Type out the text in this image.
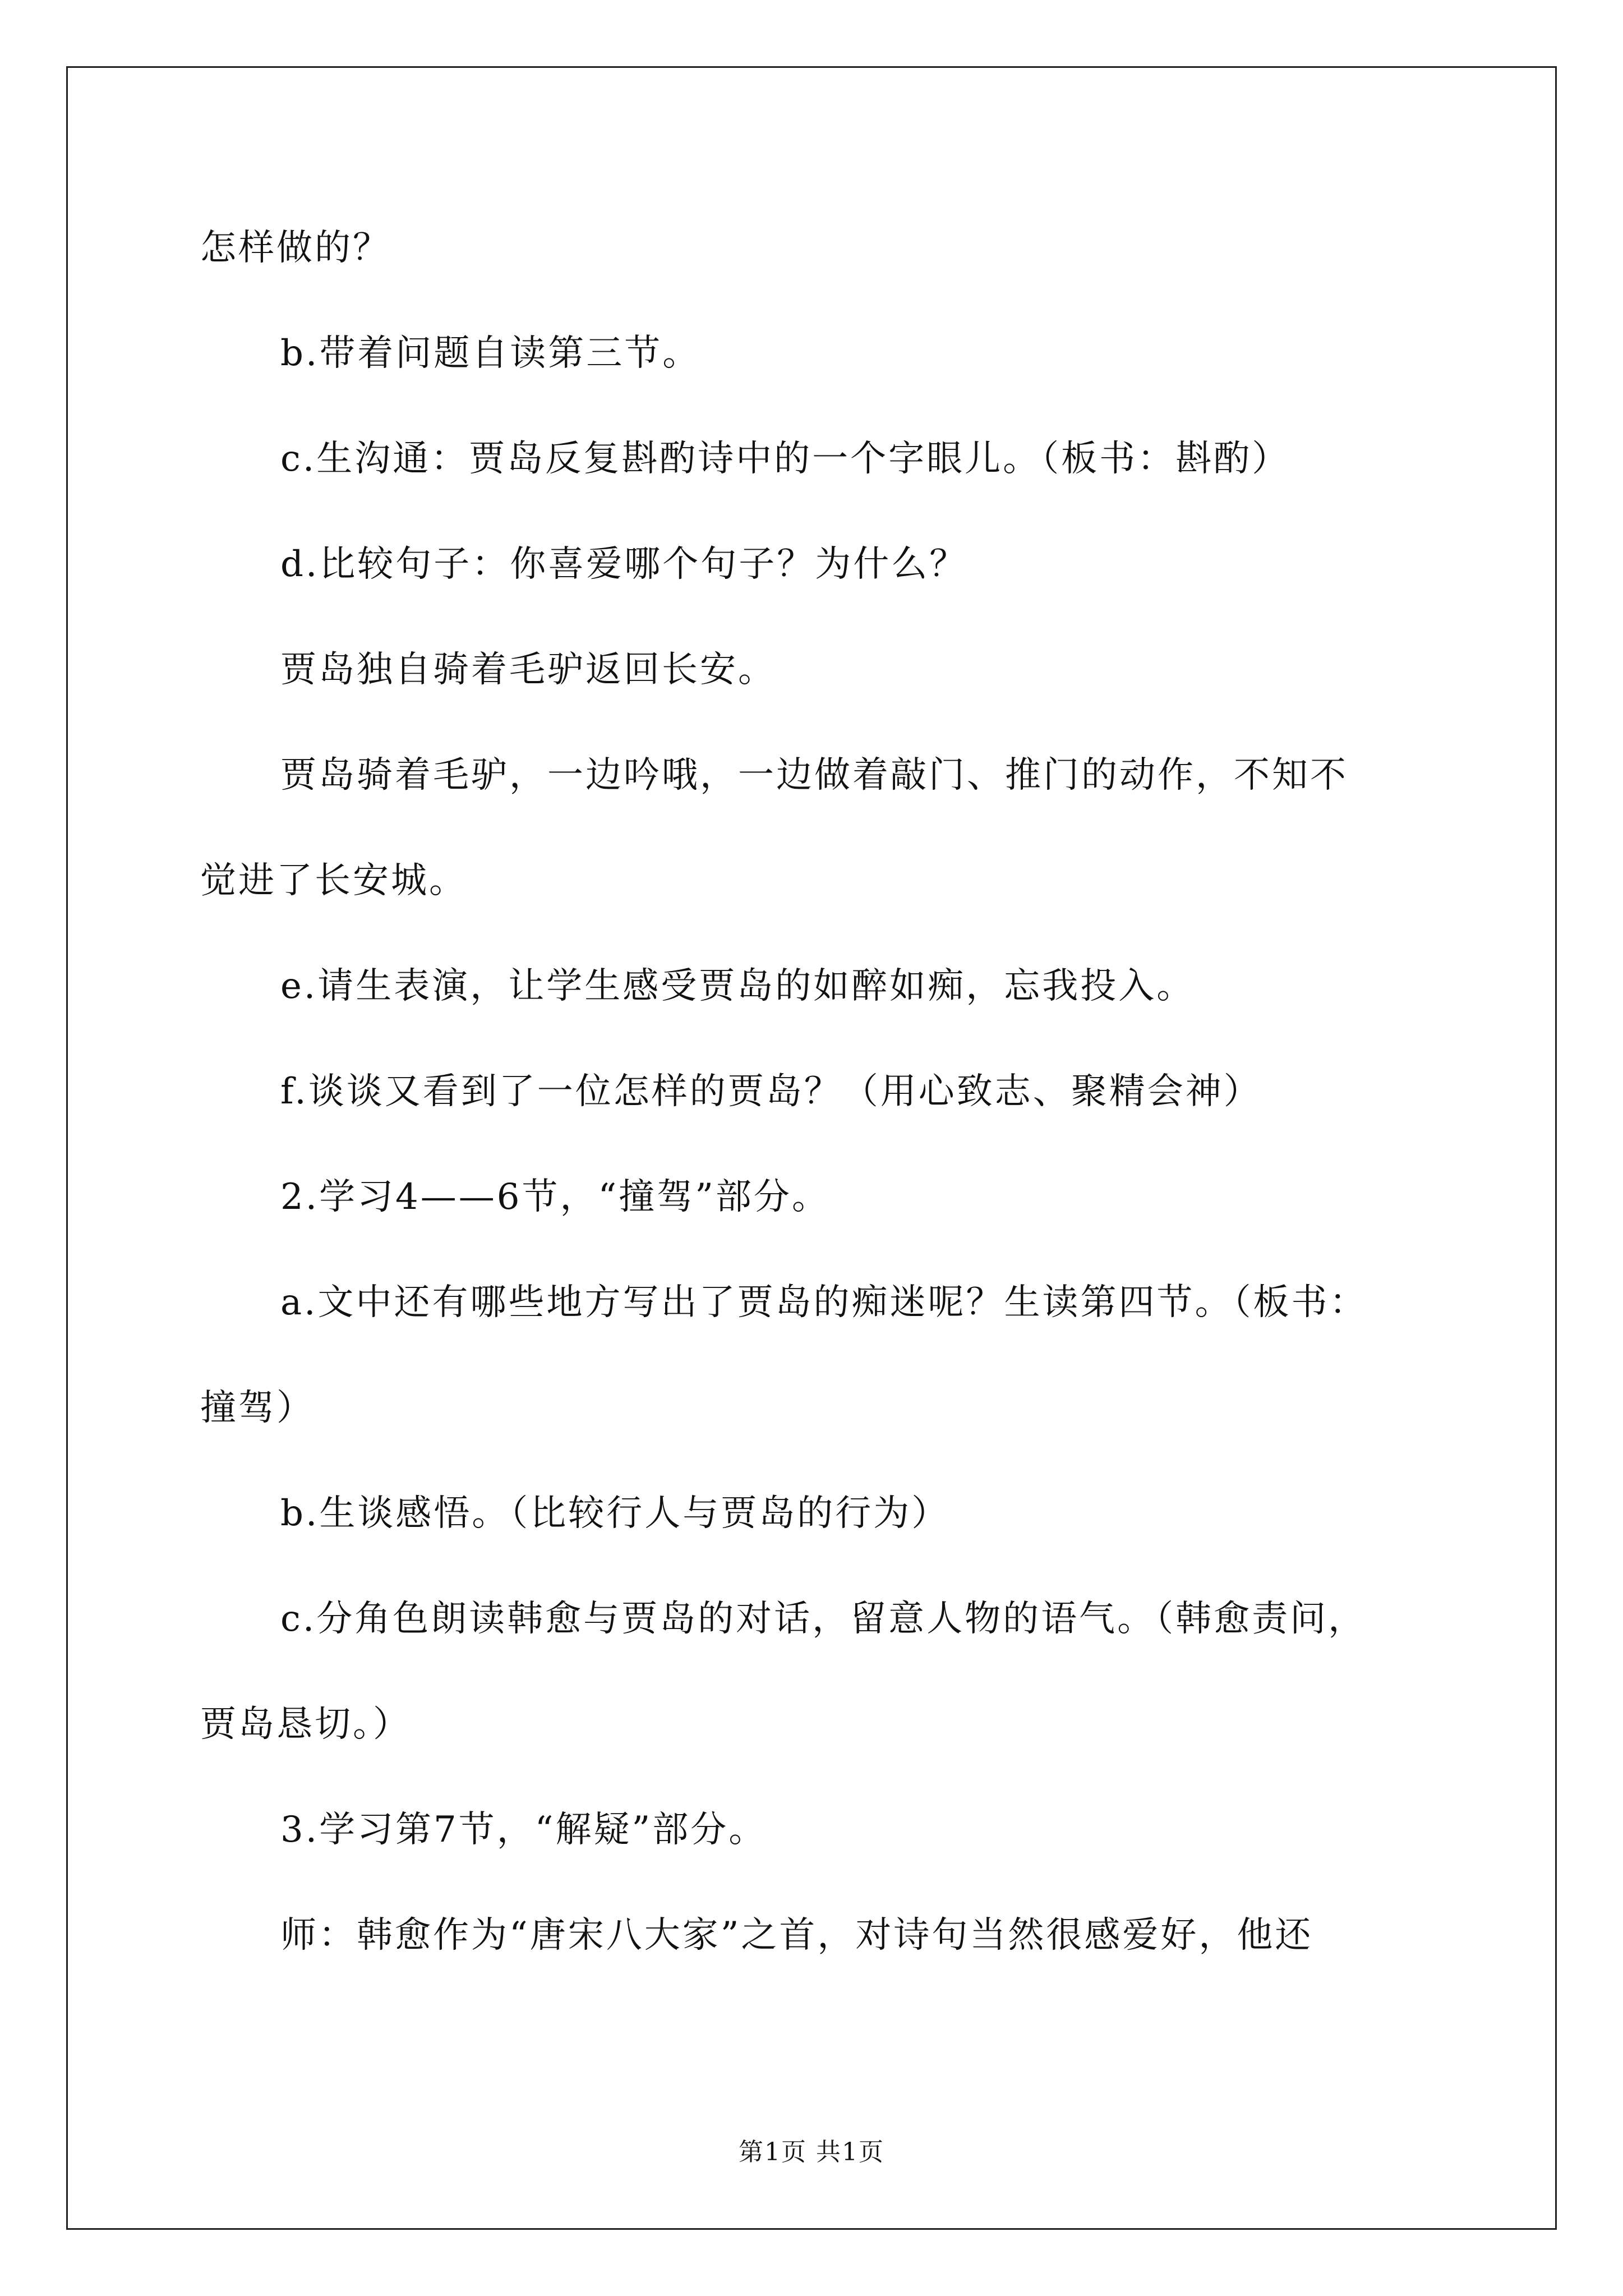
怎样做的？
b.带着问题自读第三节。
c.生沟通：贾岛反复斟酌诗中的一个字眼儿。（板书：斟酌）
d.比较句子：你喜爱哪个句子？为什么？
贾岛独自骑着毛驴返回长安。
贾岛骑着毛驴，一边吟哦，一边做着敲门、推门的动作，不知不
觉进了长安城。
e.请生表演，让学生感受贾岛的如醉如痴，忘我投入。
f.谈谈又看到了一位怎样的贾岛？（用心致志、聚精会神）
2.学习4——6节，“撞驾”部分。
a.文中还有哪些地方写出了贾岛的痴迷呢？生读第四节。（板书：
撞驾）
b.生谈感悟。（比较行人与贾岛的行为）
c.分角色朗读韩愈与贾岛的对话，留意人物的语气。（韩愈责问，
贾岛恳切。）
3.学习第7节，“解疑”部分。
师：韩愈作为“唐宋八大家”之首，对诗句当然很感爱好，他还
第1页 共1页
